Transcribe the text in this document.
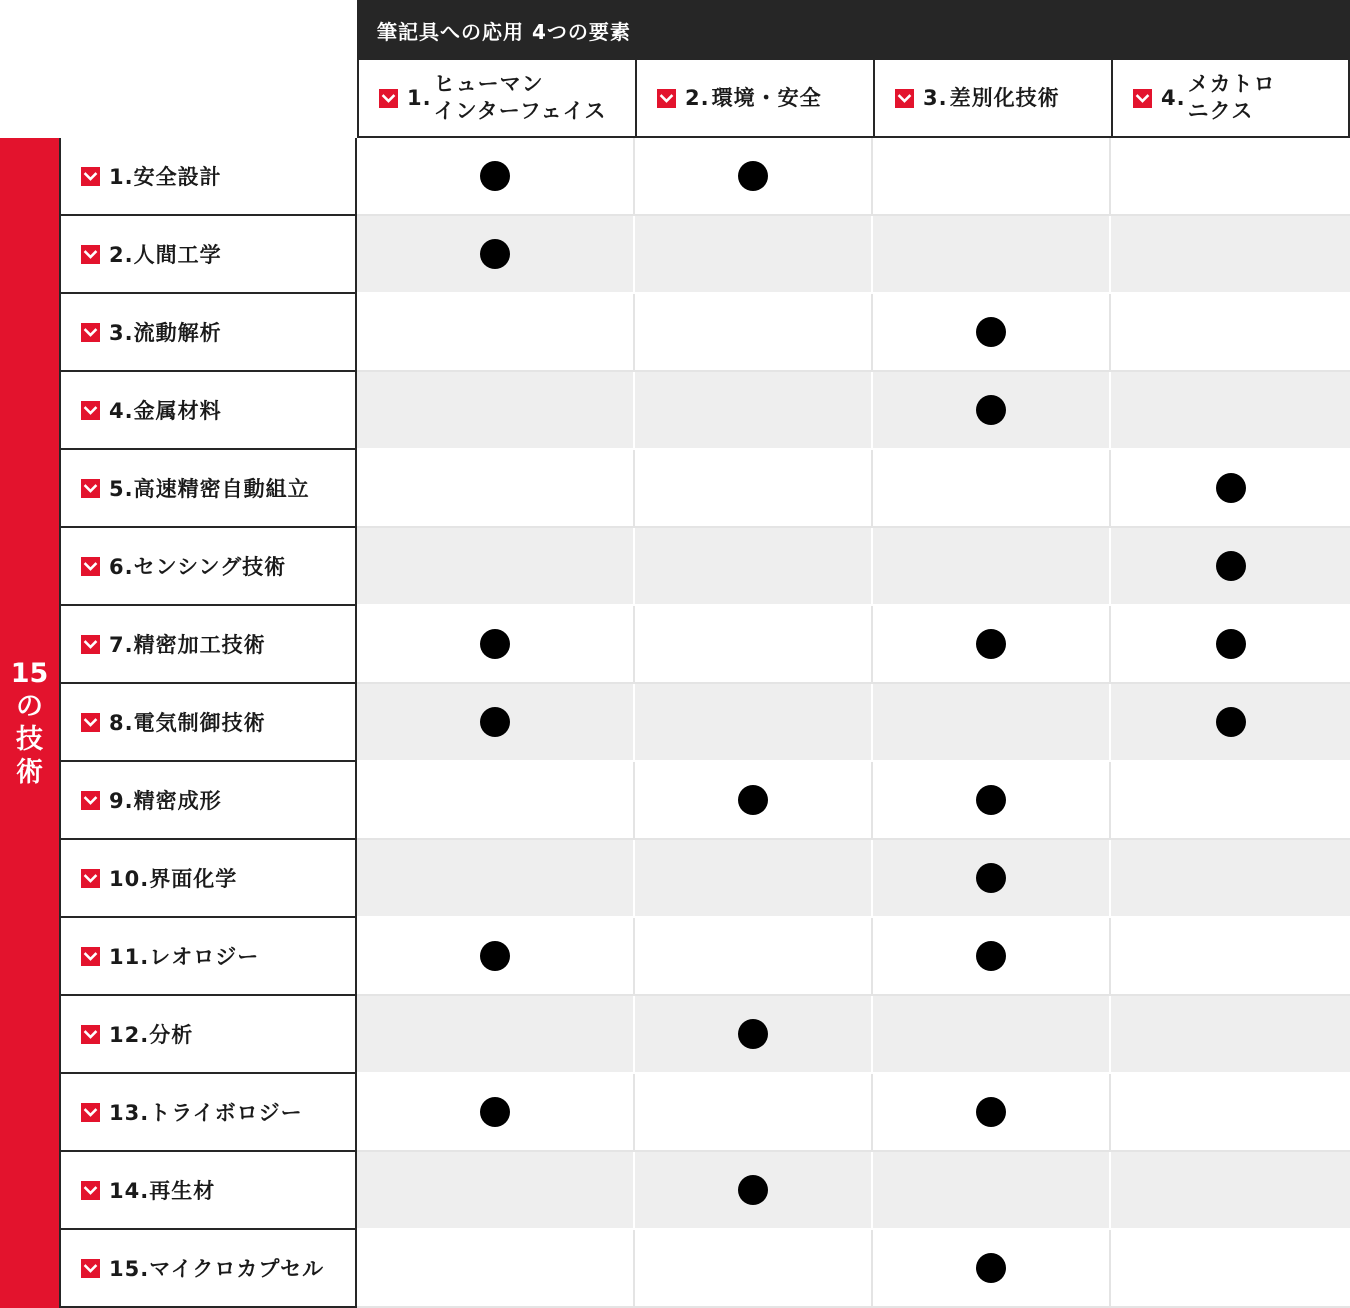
筆記具への応用 4つの要素
1.
ヒューマン
インターフェイス
2. 環境・安全	3. 差別化技術	4.
メカトロ
ニクス
15
の
技
術
1.安全設計
2.人間工学
3.流動解析
4.金属材料
5.高速精密自動組立
6.センシング技術
7.精密加工技術
8.電気制御技術
9.精密成形
10.界面化学
11.レオロジー
12.分析
13.トライボロジー
14.再生材
15.マイクロカプセル
